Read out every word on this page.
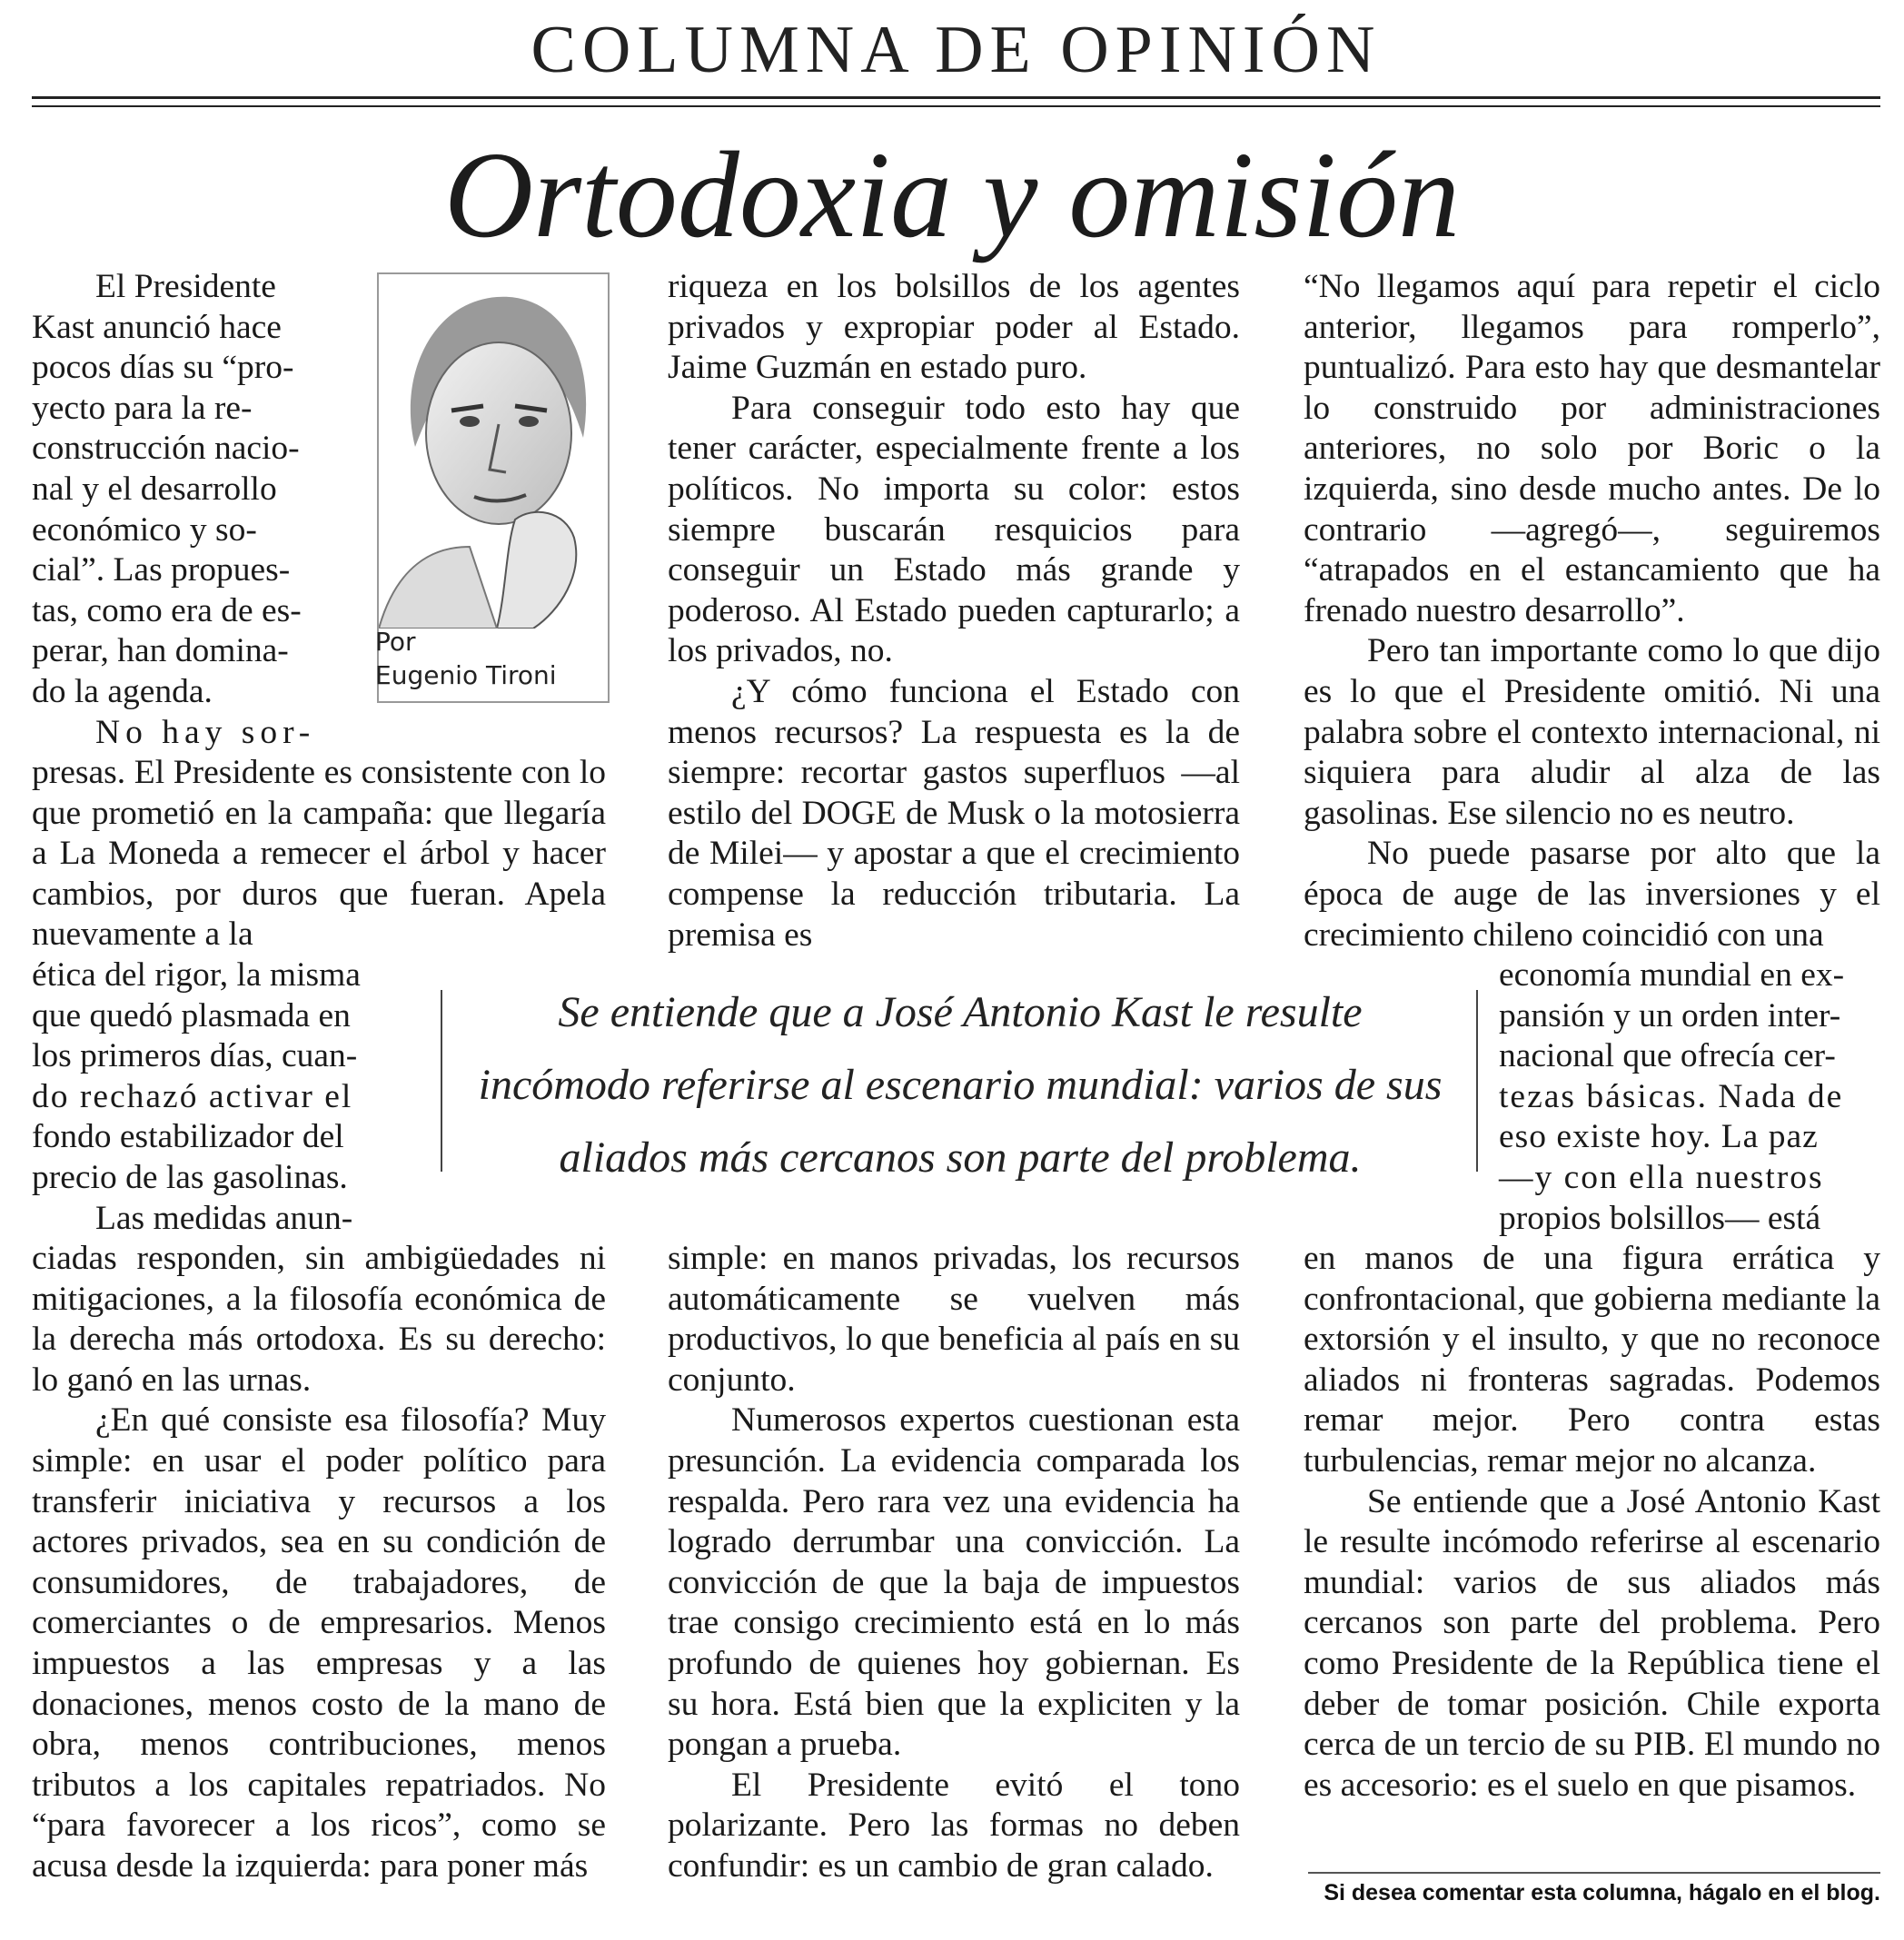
COLUMNA DE OPINIÓN
Ortodoxia y omisión
El Presidente
Kast anunció hace
pocos días su “pro-
yecto para la re-
construcción nacio-
nal y el desarrollo
económico y so-
cial”. Las propues-
tas, como era de es-
perar, han domina-
do la agenda.
No hay sor-
Por
Eugenio Tironi

presas. El Presidente es consistente con lo que prometió en la campaña: que llegaría a La Moneda a remecer el árbol y hacer cambios, por duros que fueran. Apela nuevamente a la

ética del rigor, la misma
que quedó plasmada en
los primeros días, cuan-
do rechazó activar el
fondo estabilizador del
precio de las gasolinas.
Las medidas anun-

ciadas responden, sin ambigüedades ni mitigaciones, a la filosofía económica de la derecha más ortodoxa. Es su derecho: lo ganó en las urnas.

¿En qué consiste esa filosofía? Muy simple: en usar el poder político para transferir iniciativa y recursos a los actores privados, sea en su condición de consumidores, de trabajadores, de comerciantes o de empresarios. Menos impuestos a las empresas y a las donaciones, menos costo de la mano de obra, menos contribuciones, menos tributos a los capitales repatriados. No “para favorecer a los ricos”, como se acusa desde la izquierda: para poner más

riqueza en los bolsillos de los agentes privados y expropiar poder al Estado. Jaime Guzmán en estado puro.

Para conseguir todo esto hay que tener carácter, especialmente frente a los políticos. No importa su color: estos siempre buscarán resquicios para conseguir un Estado más grande y poderoso. Al Estado pueden capturarlo; a los privados, no.

¿Y cómo funciona el Estado con menos recursos? La respuesta es la de siempre: recortar gastos superfluos —al estilo del DOGE de Musk o la motosierra de Milei— y apostar a que el crecimiento compense la reducción tributaria. La premisa es

simple: en manos privadas, los recursos automáticamente se vuelven más productivos, lo que beneficia al país en su conjunto.

Numerosos expertos cuestionan esta presunción. La evidencia comparada los respalda. Pero rara vez una evidencia ha logrado derrumbar una convicción. La convicción de que la baja de impuestos trae consigo crecimiento está en lo más profundo de quienes hoy gobiernan. Es su hora. Está bien que la expliciten y la pongan a prueba.

El Presidente evitó el tono polarizante. Pero las formas no deben confundir: es un cambio de gran calado.

“No llegamos aquí para repetir el ciclo anterior, llegamos para romperlo”, puntualizó. Para esto hay que desmantelar lo construido por administraciones anteriores, no solo por Boric o la izquierda, sino desde mucho antes. De lo contrario —agregó—, seguiremos “atrapados en el estancamiento que ha frenado nuestro desarrollo”.

Pero tan importante como lo que dijo es lo que el Presidente omitió. Ni una palabra sobre el contexto internacional, ni siquiera para aludir al alza de las gasolinas. Ese silencio no es neutro.

No puede pasarse por alto que la época de auge de las inversiones y el crecimiento chileno coincidió con una

economía mundial en ex-
pansión y un orden inter-
nacional que ofrecía cer-
tezas básicas. Nada de
eso existe hoy. La paz
—y con ella nuestros
propios bolsillos— está

en manos de una figura errática y confrontacional, que gobierna mediante la extorsión y el insulto, y que no reconoce aliados ni fronteras sagradas. Podemos remar mejor. Pero contra estas turbulencias, remar mejor no alcanza.

Se entiende que a José Antonio Kast le resulte incómodo referirse al escenario mundial: varios de sus aliados más cercanos son parte del problema. Pero como Presidente de la República tiene el deber de tomar posición. Chile exporta cerca de un tercio de su PIB. El mundo no es accesorio: es el suelo en que pisamos.

Se entiende que a José Antonio Kast le resulte
incómodo referirse al escenario mundial: varios de sus
aliados más cercanos son parte del problema.
Si desea comentar esta columna, hágalo en el blog.
